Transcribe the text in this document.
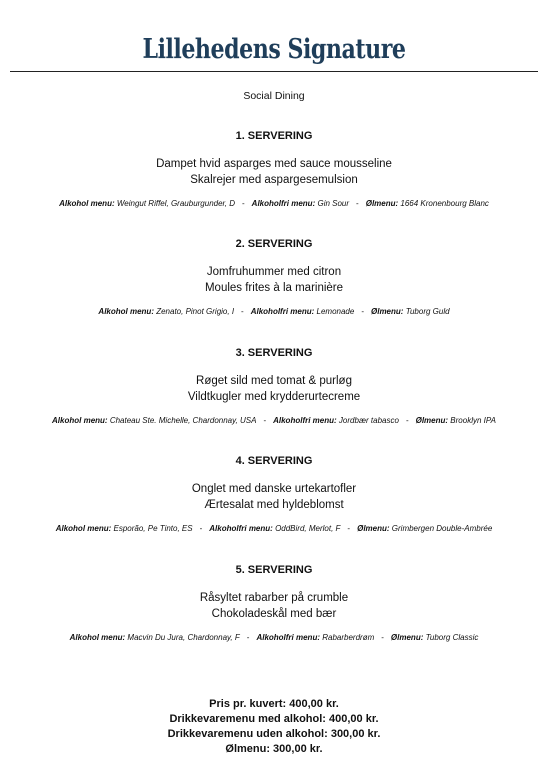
Lillehedens Signature
Social Dining
1. SERVERING
Dampet hvid asparges med sauce mousseline
Skalrejer med aspargesemulsion
Alkohol menu: Weingut Riffel, Grauburgunder, D - Alkoholfri menu: Gin Sour - Ølmenu: 1664 Kronenbourg Blanc
2. SERVERING
Jomfruhummer med citron
Moules frites à la marinière
Alkohol menu: Zenato, Pinot Grigio, I - Alkoholfri menu: Lemonade - Ølmenu: Tuborg Guld
3. SERVERING
Røget sild med tomat & purløg
Vildtkugler med krydderurtecreme
Alkohol menu: Chateau Ste. Michelle, Chardonnay, USA - Alkoholfri menu: Jordbær tabasco - Ølmenu: Brooklyn IPA
4. SERVERING
Onglet med danske urtekartofler
Ærtesalat med hyldeblomst
Alkohol menu: Esporão, Pe Tinto, ES - Alkoholfri menu: OddBird, Merlot, F - Ølmenu: Grimbergen Double-Ambrée
5. SERVERING
Råsyltet rabarber på crumble
Chokoladeskål med bær
Alkohol menu: Macvin Du Jura, Chardonnay, F - Alkoholfri menu: Rabarberdrøm - Ølmenu: Tuborg Classic
Pris pr. kuvert: 400,00 kr.
Drikkevaremenu med alkohol: 400,00 kr.
Drikkevaremenu uden alkohol: 300,00 kr.
Ølmenu: 300,00 kr.
